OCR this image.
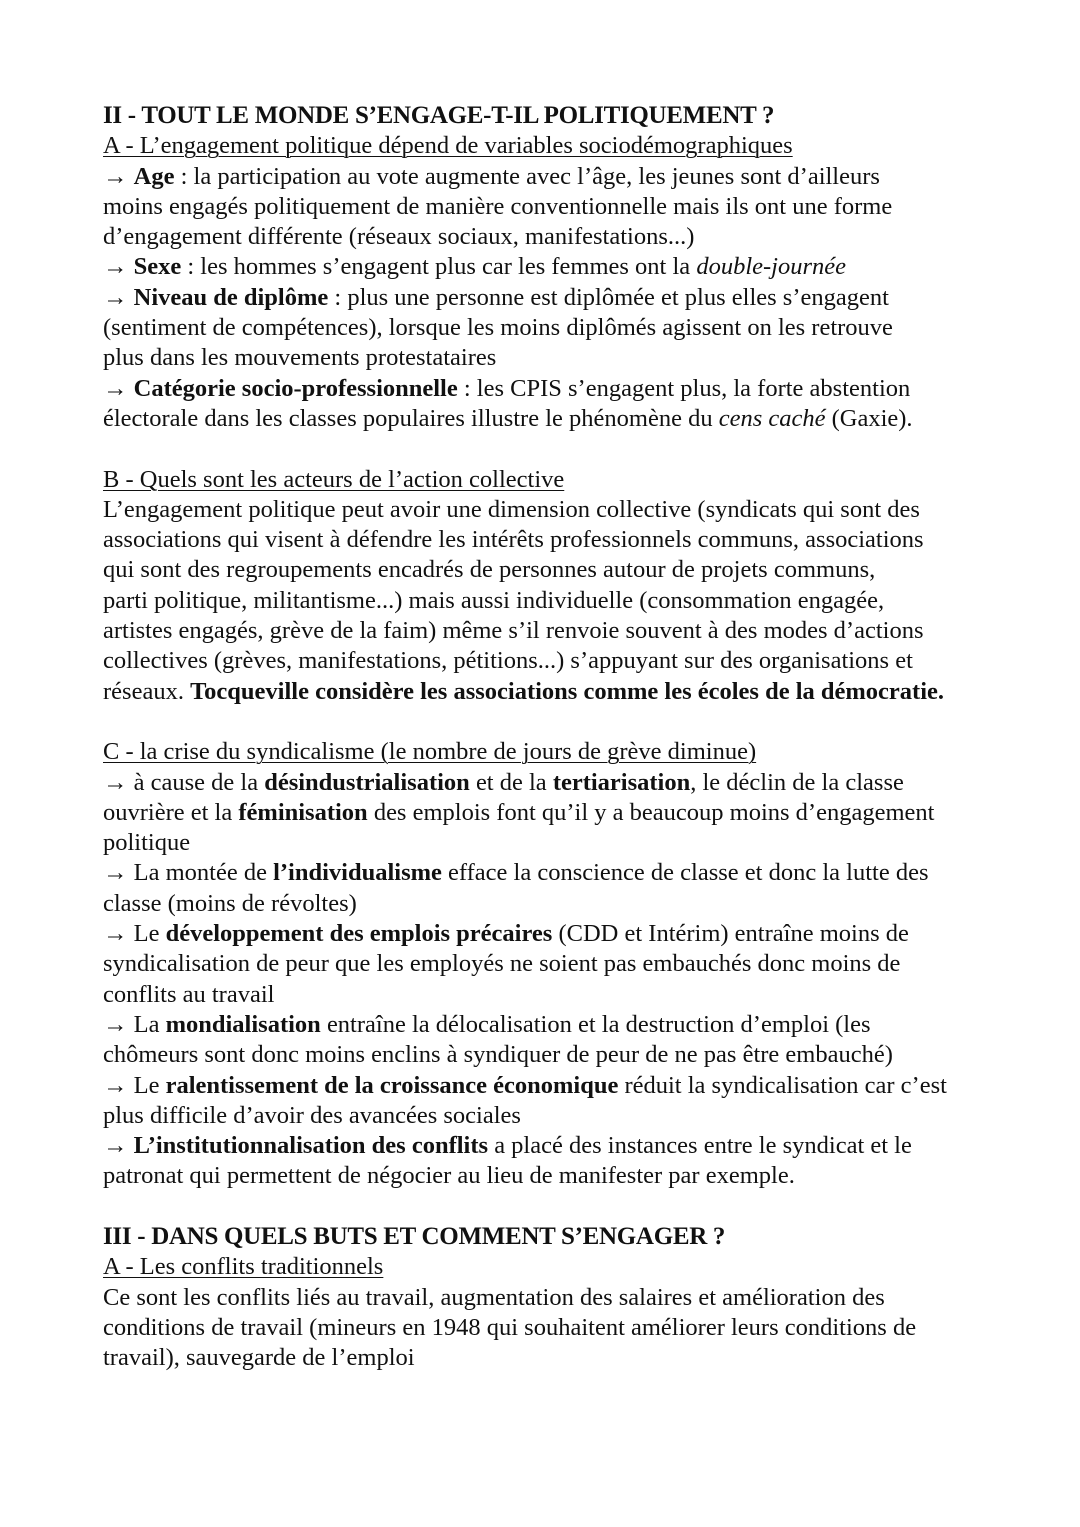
II - TOUT LE MONDE S’ENGAGE-T-IL POLITIQUEMENT ?
A - L’engagement politique dépend de variables sociodémographiques
→ Age : la participation au vote augmente avec l’âge, les jeunes sont d’ailleurs
moins engagés politiquement de manière conventionnelle mais ils ont une forme
d’engagement différente (réseaux sociaux, manifestations...)
→ Sexe : les hommes s’engagent plus car les femmes ont la double-journée
→ Niveau de diplôme : plus une personne est diplômée et plus elles s’engagent
(sentiment de compétences), lorsque les moins diplômés agissent on les retrouve
plus dans les mouvements protestataires
→ Catégorie socio-professionnelle : les CPIS s’engagent plus, la forte abstention
électorale dans les classes populaires illustre le phénomène du cens caché (Gaxie).
B - Quels sont les acteurs de l’action collective
L’engagement politique peut avoir une dimension collective (syndicats qui sont des
associations qui visent à défendre les intérêts professionnels communs, associations
qui sont des regroupements encadrés de personnes autour de projets communs,
parti politique, militantisme...) mais aussi individuelle (consommation engagée,
artistes engagés, grève de la faim) même s’il renvoie souvent à des modes d’actions
collectives (grèves, manifestations, pétitions...) s’appuyant sur des organisations et
réseaux. Tocqueville considère les associations comme les écoles de la démocratie.
C - la crise du syndicalisme (le nombre de jours de grève diminue)
→ à cause de la désindustrialisation et de la tertiarisation, le déclin de la classe
ouvrière et la féminisation des emplois font qu’il y a beaucoup moins d’engagement
politique
→ La montée de l’individualisme efface la conscience de classe et donc la lutte des
classe (moins de révoltes)
→ Le développement des emplois précaires (CDD et Intérim) entraîne moins de
syndicalisation de peur que les employés ne soient pas embauchés donc moins de
conflits au travail
→ La mondialisation entraîne la délocalisation et la destruction d’emploi (les
chômeurs sont donc moins enclins à syndiquer de peur de ne pas être embauché)
→ Le ralentissement de la croissance économique réduit la syndicalisation car c’est
plus difficile d’avoir des avancées sociales
→ L’institutionnalisation des conflits a placé des instances entre le syndicat et le
patronat qui permettent de négocier au lieu de manifester par exemple.
III - DANS QUELS BUTS ET COMMENT S’ENGAGER ?
A - Les conflits traditionnels
Ce sont les conflits liés au travail, augmentation des salaires et amélioration des
conditions de travail (mineurs en 1948 qui souhaitent améliorer leurs conditions de
travail), sauvegarde de l’emploi
